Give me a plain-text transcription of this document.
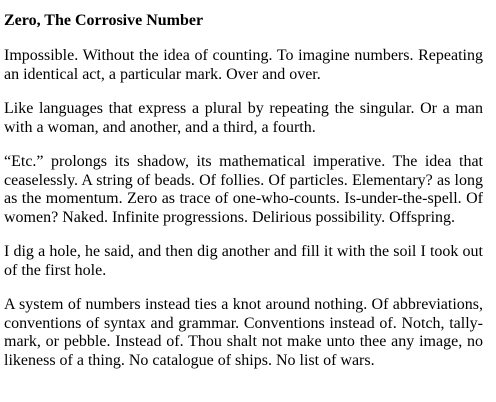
Zero, The Corrosive Number

Impossible. Without the idea of counting. To imagine numbers. Repeating an identical act, a particular mark. Over and over.

Like languages that express a plural by repeating the singular. Or a man with a woman, and another, and a third, a fourth.

“Etc.” prolongs its shadow, its mathematical imperative. The idea that ceaselessly. A string of beads. Of follies. Of particles. Elementary? as long as the momentum. Zero as trace of one-who-counts. Is-under-the-spell. Of women? Naked. Infinite progressions. Delirious possibility. Offspring.

I dig a hole, he said, and then dig another and fill it with the soil I took out of the first hole.

A system of numbers instead ties a knot around nothing. Of abbreviations, conventions of syntax and grammar. Conventions instead of. Notch, tally-mark, or pebble. Instead of. Thou shalt not make unto thee any image, no likeness of a thing. No catalogue of ships. No list of wars.
